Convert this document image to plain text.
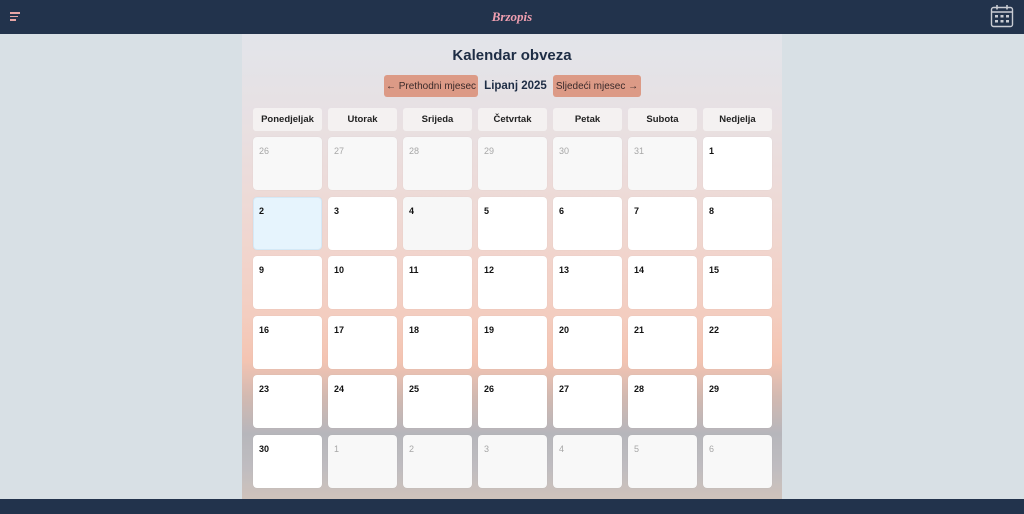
Brzopis
Kalendar obveza
← Prethodni mjesec Lipanj 2025 Sljedeći mjesec →
Ponedjeljak	Utorak	Srijeda	Četvrtak	Petak	Subota	Nedjelja
26	27	28	29	30	31	1
2	3	4	5	6	7	8
9	10	11	12	13	14	15
16	17	18	19	20	21	22
23	24	25	26	27	28	29
30	1	2	3	4	5	6
